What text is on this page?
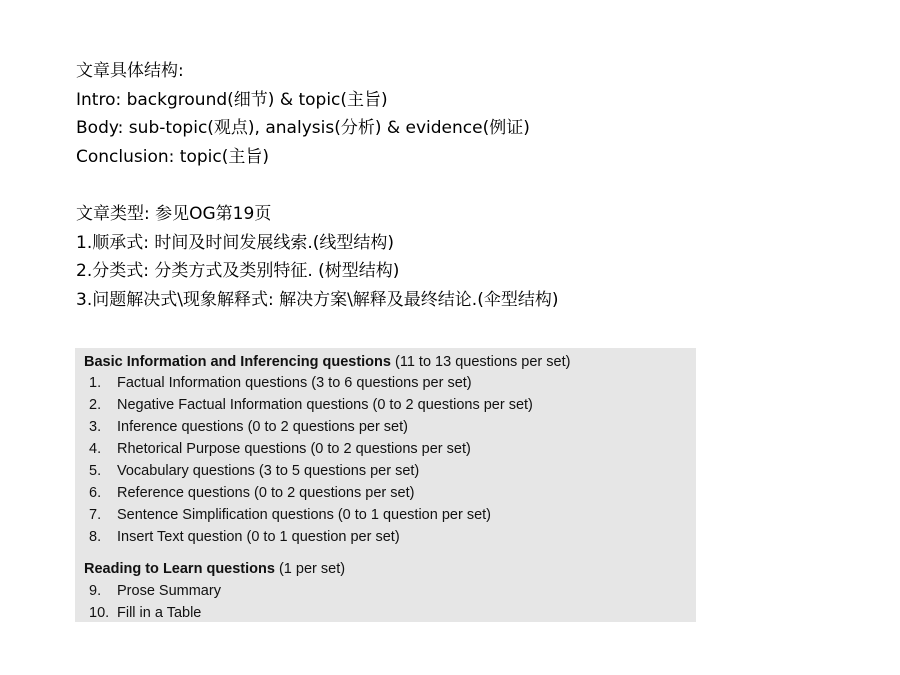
文章具体结构:
Intro: background(细节) & topic(主旨)
Body: sub-topic(观点), analysis(分析) & evidence(例证)
Conclusion: topic(主旨)
文章类型: 参见OG第19页
1.顺承式: 时间及时间发展线索.(线型结构)
2.分类式: 分类方式及类别特征. (树型结构)
3.问题解决式\现象解释式: 解决方案\解释及最终结论.(伞型结构)
Basic Information and Inferencing questions (11 to 13 questions per set)
1. Factual Information questions (3 to 6 questions per set)
2. Negative Factual Information questions (0 to 2 questions per set)
3. Inference questions (0 to 2 questions per set)
4. Rhetorical Purpose questions (0 to 2 questions per set)
5. Vocabulary questions (3 to 5 questions per set)
6. Reference questions (0 to 2 questions per set)
7. Sentence Simplification questions (0 to 1 question per set)
8. Insert Text question (0 to 1 question per set)
Reading to Learn questions (1 per set)
9. Prose Summary
10. Fill in a Table
